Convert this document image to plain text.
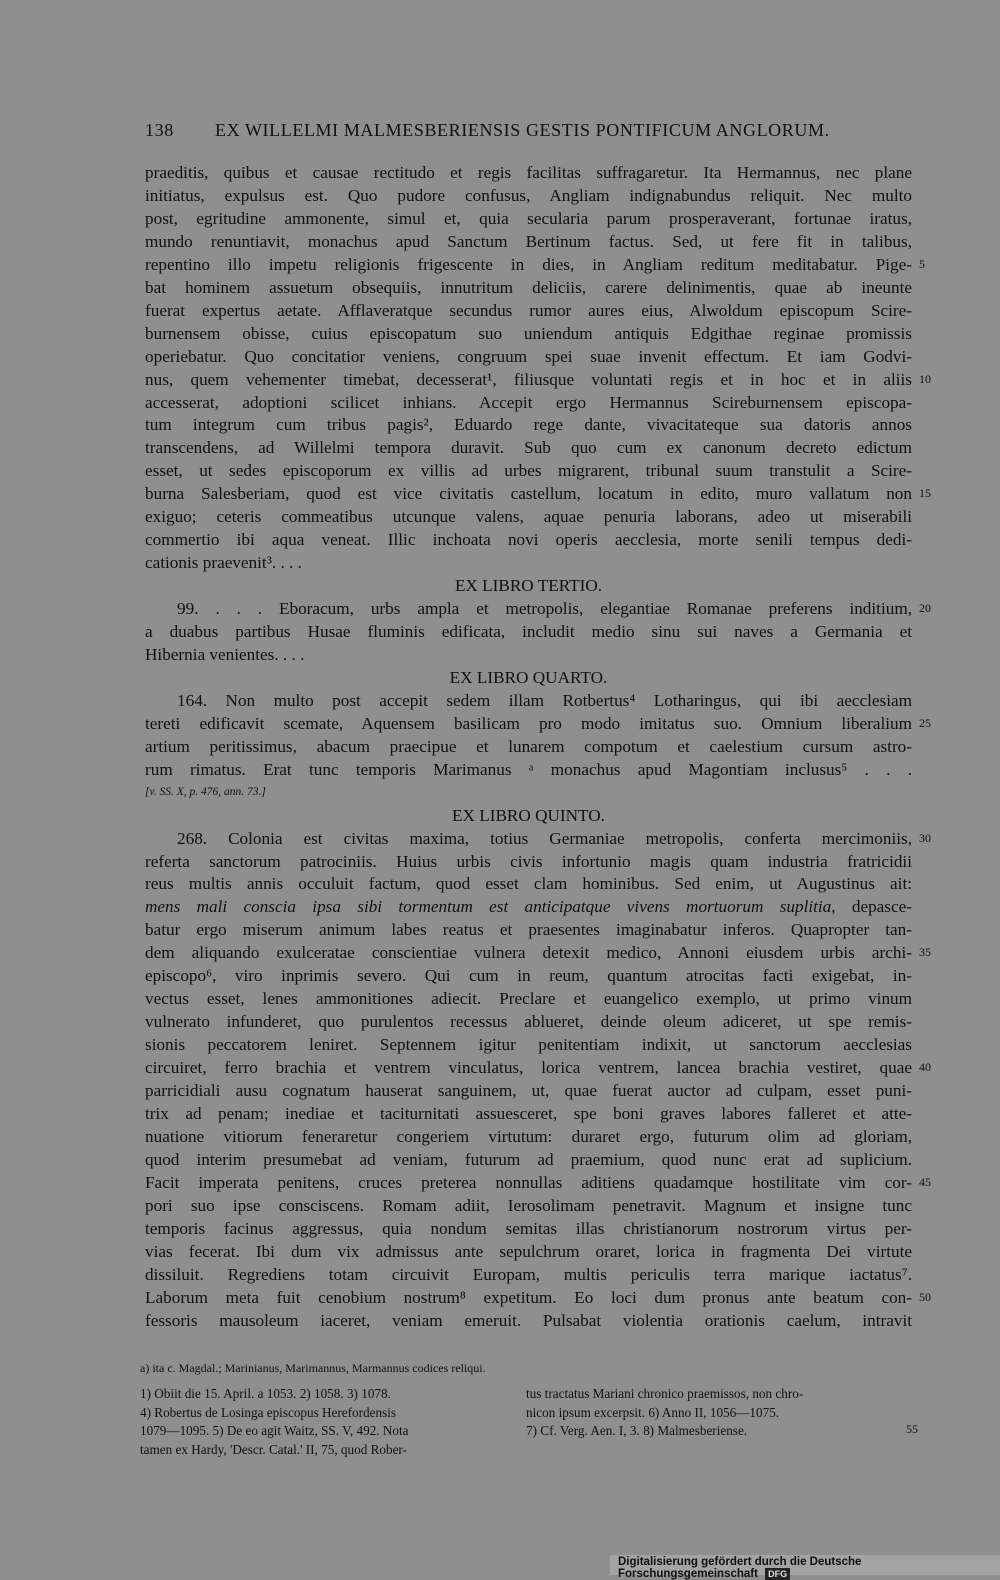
138 EX WILLELMI MALMESBERIENSIS GESTIS PONTIFICUM ANGLORUM.
praeditis, quibus et causae rectitudo et regis facilitas suffragaretur. Ita Hermannus, nec plane
initiatus, expulsus est. Quo pudore confusus, Angliam indignabundus reliquit. Nec multo
post, egritudine ammonente, simul et, quia secularia parum prosperaverant, fortunae iratus,
mundo renuntiavit, monachus apud Sanctum Bertinum factus. Sed, ut fere fit in talibus,
repentino illo impetu religionis frigescente in dies, in Angliam reditum meditabatur. Pige-
bat hominem assuetum obsequiis, innutritum deliciis, carere delinimentis, quae ab ineunte
fuerat expertus aetate. Afflaveratque secundus rumor aures eius, Alwoldum episcopum Scire-
burnensem obisse, cuius episcopatum suo uniendum antiquis Edgithae reginae promissis
operiebatur. Quo concitatior veniens, congruum spei suae invenit effectum. Et iam Godvi-
nus, quem vehementer timebat, decesserat¹, filiusque voluntati regis et in hoc et in aliis
accesserat, adoptioni scilicet inhians. Accepit ergo Hermannus Scireburnensem episcopa-
tum integrum cum tribus pagis², Eduardo rege dante, vivacitateque sua datoris annos
transcendens, ad Willelmi tempora duravit. Sub quo cum ex canonum decreto edictum
esset, ut sedes episcoporum ex villis ad urbes migrarent, tribunal suum transtulit a Scire-
burna Salesberiam, quod est vice civitatis castellum, locatum in edito, muro vallatum non
exiguo; ceteris commeatibus utcunque valens, aquae penuria laborans, adeo ut miserabili
commertio ibi aqua veneat. Illic inchoata novi operis aecclesia, morte senili tempus dedi-
cationis praevenit³. . . .
EX LIBRO TERTIO.
99. . . . Eboracum, urbs ampla et metropolis, elegantiae Romanae preferens inditium,
a duabus partibus Husae fluminis edificata, includit medio sinu sui naves a Germania et
Hibernia venientes. . . .
EX LIBRO QUARTO.
164. Non multo post accepit sedem illam Rotbertus⁴ Lotharingus, qui ibi aecclesiam
tereti edificavit scemate, Aquensem basilicam pro modo imitatus suo. Omnium liberalium
artium peritissimus, abacum praecipue et lunarem compotum et caelestium cursum astro-
rum rimatus. Erat tunc temporis Marimanus ᵃ monachus apud Magontiam inclusus⁵ . . .
[v. SS. X, p. 476, ann. 73.]
EX LIBRO QUINTO.
268. Colonia est civitas maxima, totius Germaniae metropolis, conferta mercimoniis,
referta sanctorum patrociniis. Huius urbis civis infortunio magis quam industria fratricidii
reus multis annis occuluit factum, quod esset clam hominibus. Sed enim, ut Augustinus ait:
mens mali conscia ipsa sibi tormentum est anticipatque vivens mortuorum suplitia, depasce-
batur ergo miserum animum labes reatus et praesentes imaginabatur inferos. Quapropter tan-
dem aliquando exulceratae conscientiae vulnera detexit medico, Annoni eiusdem urbis archi-
episcopo⁶, viro inprimis severo. Qui cum in reum, quantum atrocitas facti exigebat, in-
vectus esset, lenes ammonitiones adiecit. Preclare et euangelico exemplo, ut primo vinum
vulnerato infunderet, quo purulentos recessus ablueret, deinde oleum adiceret, ut spe remis-
sionis peccatorem leniret. Septennem igitur penitentiam indixit, ut sanctorum aecclesias
circuiret, ferro brachia et ventrem vinculatus, lorica ventrem, lancea brachia vestiret, quae
parricidiali ausu cognatum hauserat sanguinem, ut, quae fuerat auctor ad culpam, esset puni-
trix ad penam; inediae et taciturnitati assuesceret, spe boni graves labores falleret et atte-
nuatione vitiorum feneraretur congeriem virtutum: duraret ergo, futurum olim ad gloriam,
quod interim presumebat ad veniam, futurum ad praemium, quod nunc erat ad suplicium.
Facit imperata penitens, cruces preterea nonnullas aditiens quadamque hostilitate vim cor-
pori suo ipse consciscens. Romam adiit, Ierosolimam penetravit. Magnum et insigne tunc
temporis facinus aggressus, quia nondum semitas illas christianorum nostrorum virtus per-
vias fecerat. Ibi dum vix admissus ante sepulchrum oraret, lorica in fragmenta Dei virtute
dissiluit. Regrediens totam circuivit Europam, multis periculis terra marique iactatus⁷.
Laborum meta fuit cenobium nostrum⁸ expetitum. Eo loci dum pronus ante beatum con-
fessoris mausoleum iaceret, veniam emeruit. Pulsabat violentia orationis caelum, intravit
5
10
15
20
25
30
35
40
45
50
a) ita c. Magdal.; Marinianus, Marimannus, Marmannus codices reliqui.
1) Obiit die 15. April. a 1053. 2) 1058. 3) 1078.
4) Robertus de Losinga episcopus Herefordensis
1079—1095. 5) De eo agit Waitz, SS. V, 492. Nota
tamen ex Hardy, 'Descr. Catal.' II, 75, quod Rober-
tus tractatus Mariani chronico praemissos, non chro-
nicon ipsum excerpsit. 6) Anno II, 1056—1075.
7) Cf. Verg. Aen. I, 3. 8) Malmesberiense.	55
Digitalisierung gefördert durch die Deutsche Forschungsgemeinschaft DFG
